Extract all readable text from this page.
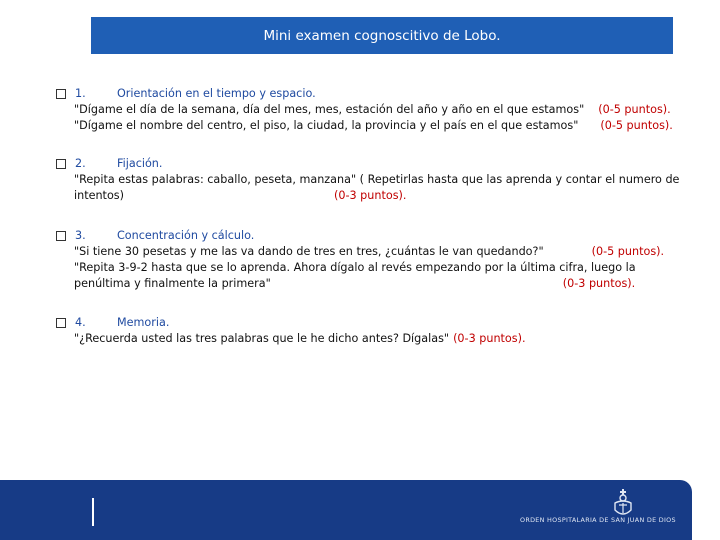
Mini examen cognoscitivo de Lobo.
1.	Orientación en el tiempo y espacio.
"Dígame el día de la semana, día del mes, mes, estación del año y año en el que estamos" (0-5 puntos).
"Dígame el nombre del centro, el piso, la ciudad, la provincia y el país en el que estamos" (0-5 puntos).
2.	Fijación.
"Repita estas palabras: caballo, peseta, manzana" ( Repetirlas hasta que las aprenda y contar el numero de
intentos)	(0-3 puntos).
3.	Concentración y cálculo.
"Si tiene 30 pesetas y me las va dando de tres en tres, ¿cuántas le van quedando?"	(0-5 puntos).
"Repita 3-9-2 hasta que se lo aprenda. Ahora dígalo al revés empezando por la última cifra, luego la
penúltima y finalmente la primera"	(0-3 puntos).
4.	Memoria.
"¿Recuerda usted las tres palabras que le he dicho antes? Dígalas" (0-3 puntos).
ORDEN HOSPITALARIA DE SAN JUAN DE DIOS
